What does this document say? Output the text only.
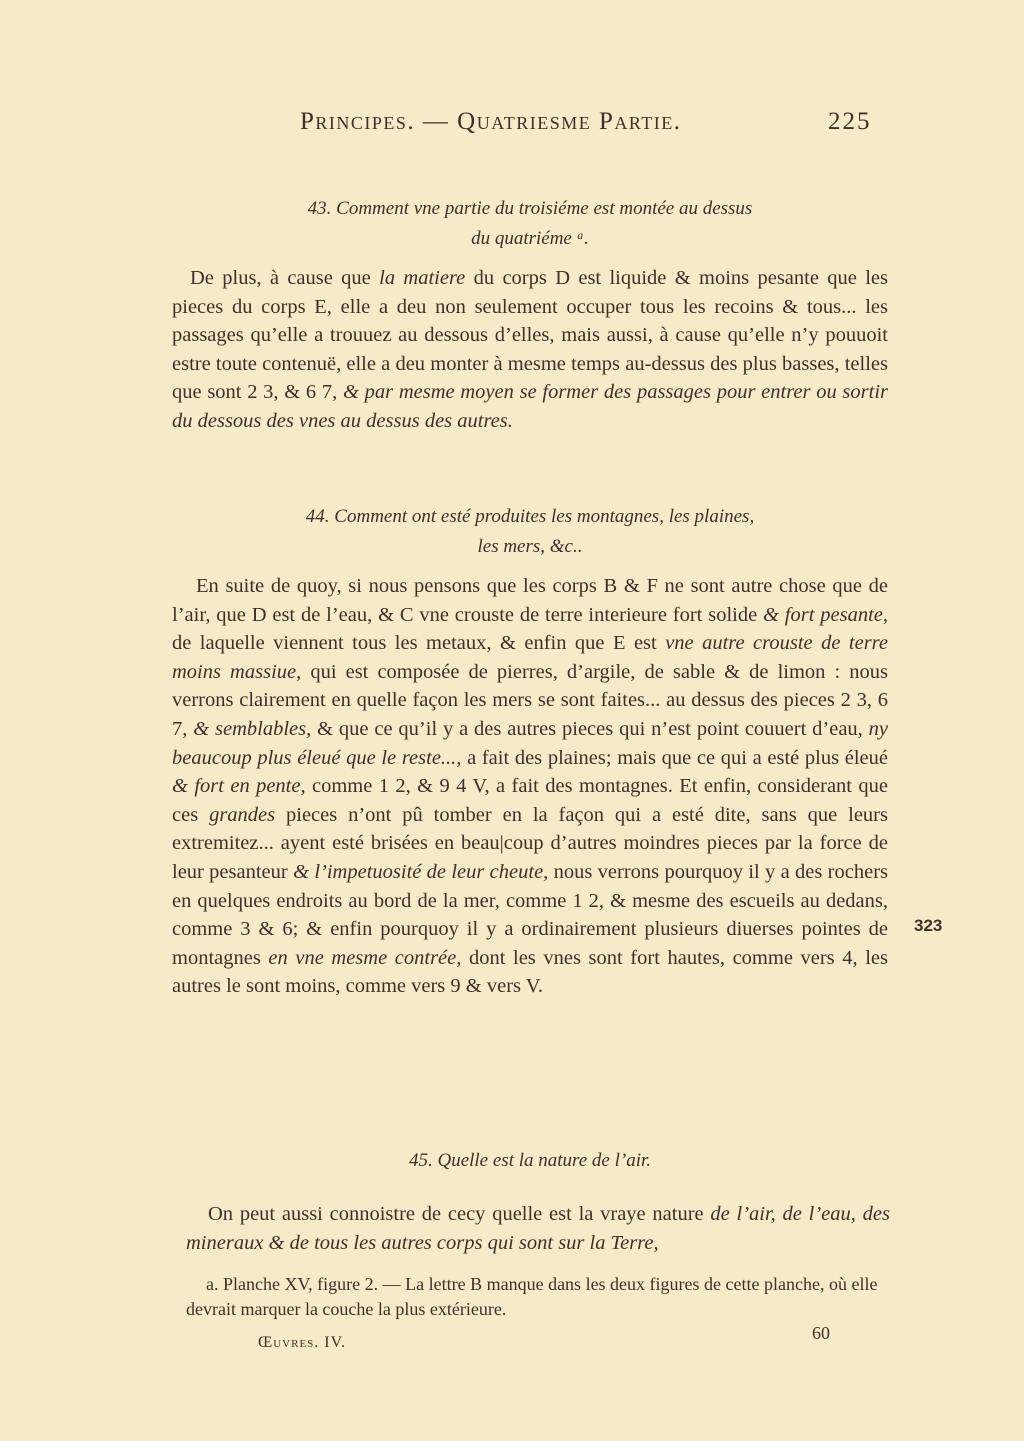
Principes. — Quatriesme Partie.	225
43. Comment vne partie du troisiéme est montée au dessus
du quatriéme ᵃ.

De plus, à cause que la matiere du corps D est liquide & moins pesante que les pieces du corps E, elle a deu non seulement occuper tous les recoins & tous... les passages qu’elle a trouuez au dessous d’elles, mais aussi, à cause qu’elle n’y pouuoit estre toute contenuë, elle a deu monter à mesme temps au-dessus des plus basses, telles que sont 2 3, & 6 7, & par mesme moyen se former des passages pour entrer ou sortir du dessous des vnes au dessus des autres.

44. Comment ont esté produites les montagnes, les plaines,
les mers, &c..

En suite de quoy, si nous pensons que les corps B & F ne sont autre chose que de l’air, que D est de l’eau, & C vne crouste de terre interieure fort solide & fort pesante, de laquelle viennent tous les metaux, & enfin que E est vne autre crouste de terre moins massiue, qui est composée de pierres, d’argile, de sable & de limon : nous verrons clairement en quelle façon les mers se sont faites... au dessus des pieces 2 3, 6 7, & semblables, & que ce qu’il y a des autres pieces qui n’est point couuert d’eau, ny beaucoup plus éleué que le reste..., a fait des plaines; mais que ce qui a esté plus éleué & fort en pente, comme 1 2, & 9 4 V, a fait des montagnes. Et enfin, considerant que ces grandes pieces n’ont pû tomber en la façon qui a esté dite, sans que leurs extremitez... ayent esté brisées en beau|coup d’autres moindres pieces par la force de leur pesanteur & l’impetuosité de leur cheute, nous verrons pourquoy il y a des rochers en quelques endroits au bord de la mer, comme 1 2, & mesme des escueils au dedans, comme 3 & 6; & enfin pourquoy il y a ordinairement plusieurs diuerses pointes de montagnes en vne mesme contrée, dont les vnes sont fort hautes, comme vers 4, les autres le sont moins, comme vers 9 & vers V.

323
45. Quelle est la nature de l’air.

On peut aussi connoistre de cecy quelle est la vraye nature de l’air, de l’eau, des mineraux & de tous les autres corps qui sont sur la Terre,

a. Planche XV, figure 2. — La lettre B manque dans les deux figures de cette planche, où elle devrait marquer la couche la plus extérieure.

Œuvres. IV.	60
